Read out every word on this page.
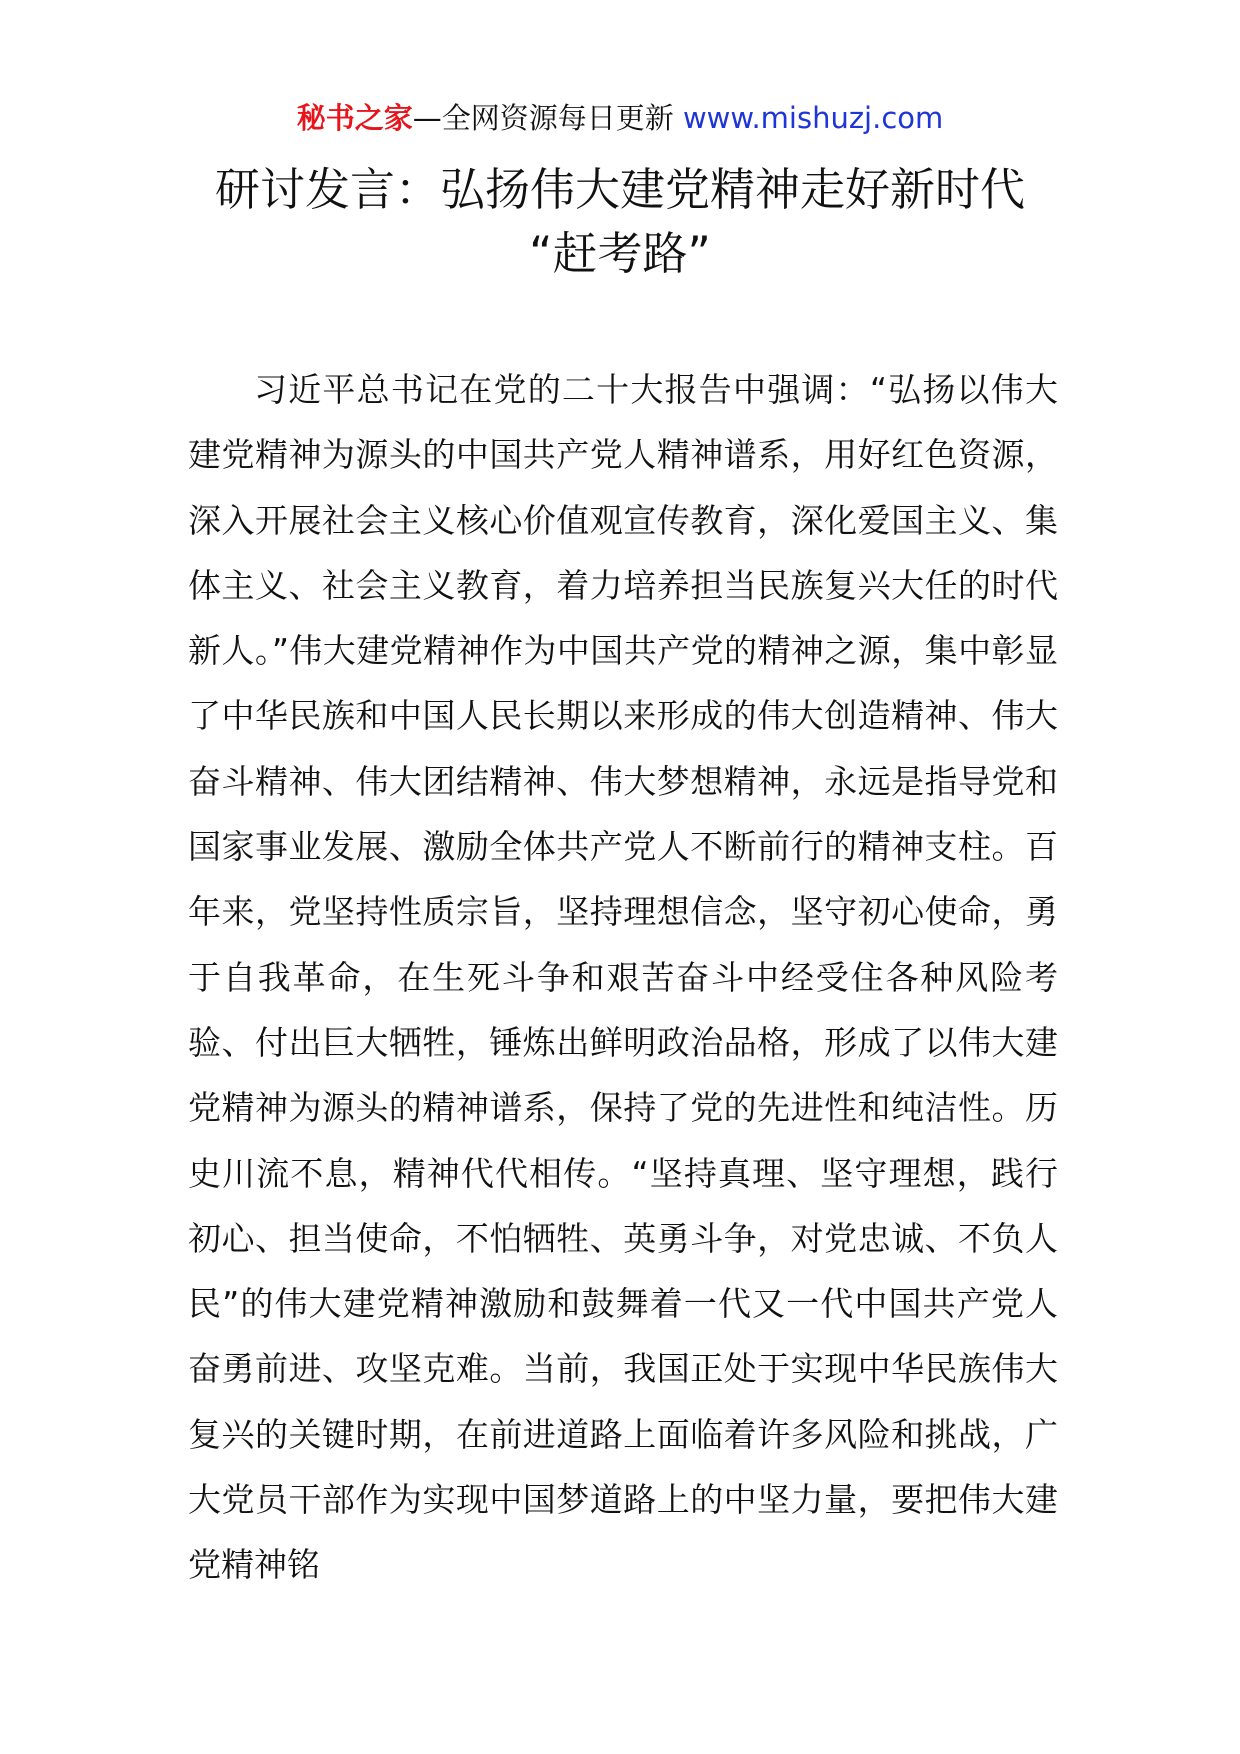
秘书之家—全网资源每日更新 www.mishuzj.com
研讨发言：弘扬伟大建党精神走好新时代
“赶考路”

习近平总书记在党的二十大报告中强调：“弘扬以伟大建党精神为源头的中国共产党人精神谱系，用好红色资源，深入开展社会主义核心价值观宣传教育，深化爱国主义、集体主义、社会主义教育，着力培养担当民族复兴大任的时代新人。”伟大建党精神作为中国共产党的精神之源，集中彰显了中华民族和中国人民长期以来形成的伟大创造精神、伟大奋斗精神、伟大团结精神、伟大梦想精神，永远是指导党和国家事业发展、激励全体共产党人不断前行的精神支柱。百年来，党坚持性质宗旨，坚持理想信念，坚守初心使命，勇于自我革命，在生死斗争和艰苦奋斗中经受住各种风险考验、付出巨大牺牲，锤炼出鲜明政治品格，形成了以伟大建党精神为源头的精神谱系，保持了党的先进性和纯洁性。历史川流不息，精神代代相传。“坚持真理、坚守理想，践行初心、担当使命，不怕牺牲、英勇斗争，对党忠诚、不负人民”的伟大建党精神激励和鼓舞着一代又一代中国共产党人奋勇前进、攻坚克难。当前，我国正处于实现中华民族伟大复兴的关键时期，在前进道路上面临着许多风险和挑战，广大党员干部作为实现中国梦道路上的中坚力量，要把伟大建党精神铭
